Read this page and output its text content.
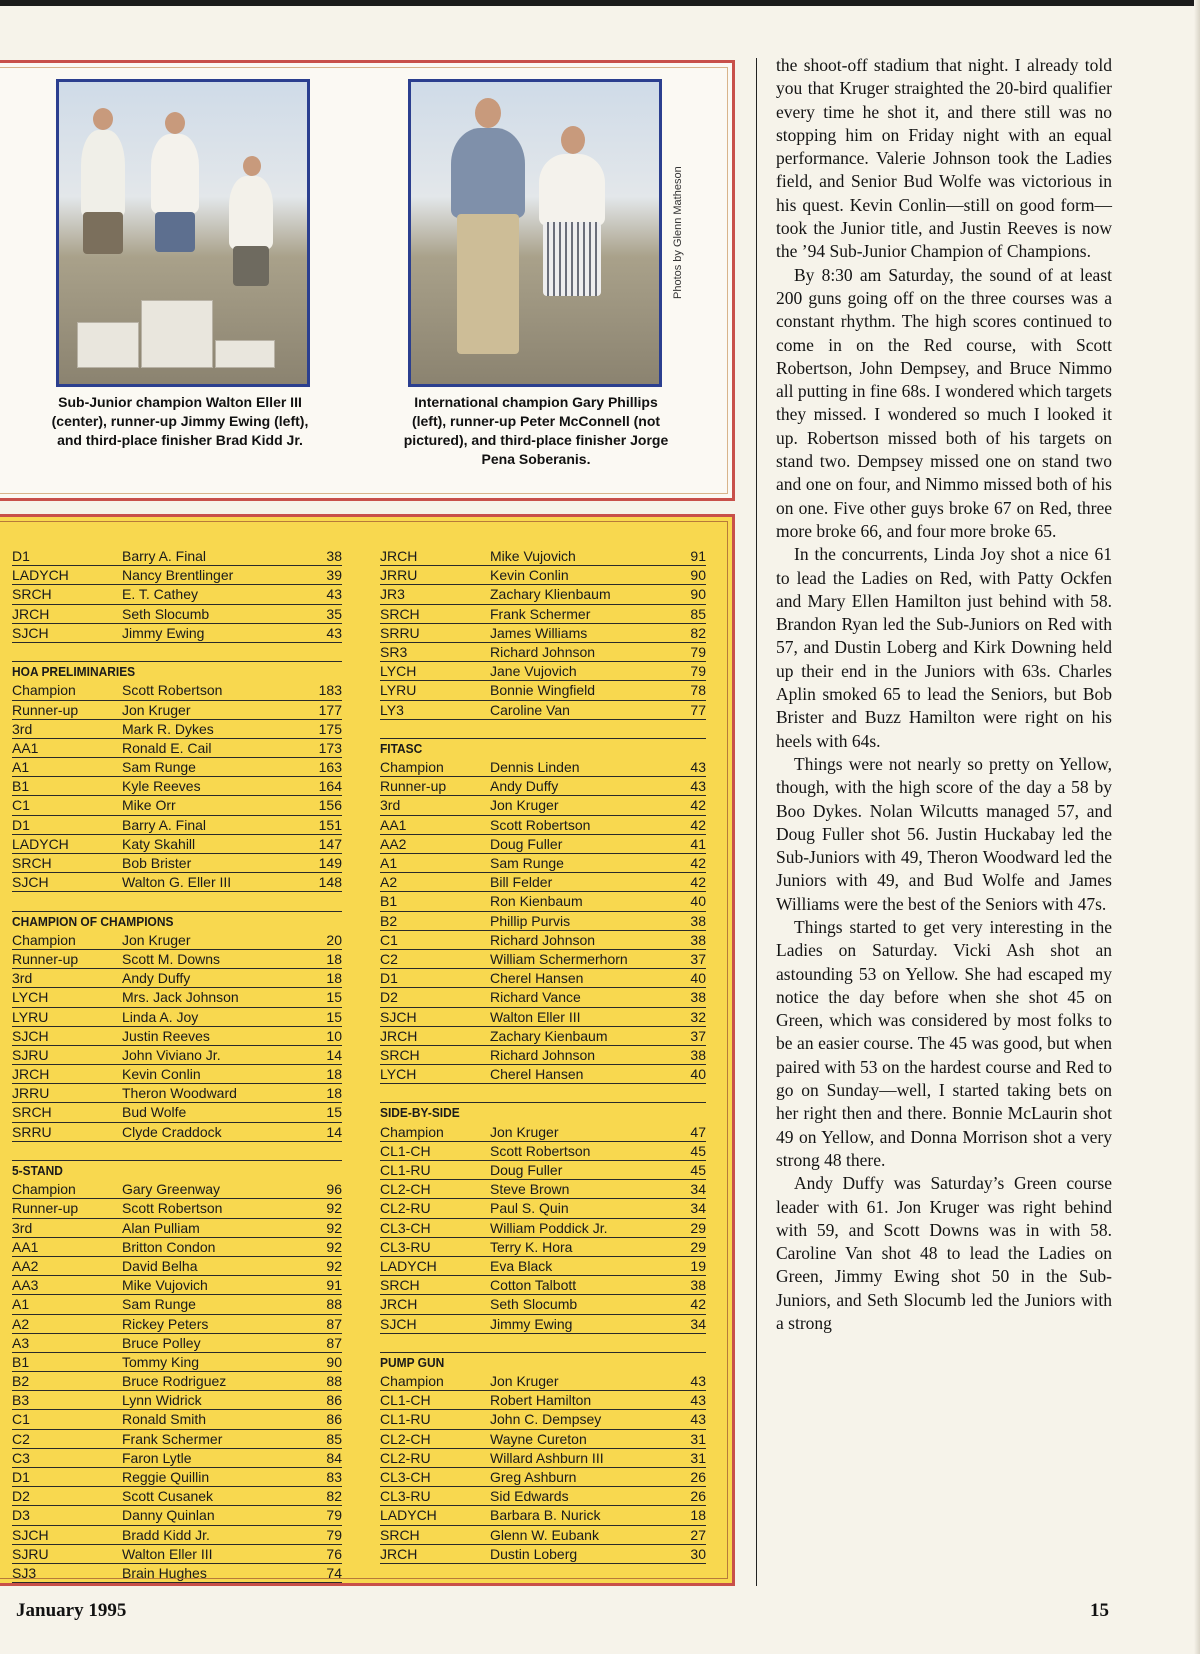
Photos by Glenn Matheson
Sub-Junior champion Walton Eller III (center), runner-up Jimmy Ewing (left), and third-place finisher Brad Kidd Jr.
International champion Gary Phillips (left), runner-up Peter McConnell (not pictured), and third-place finisher Jorge Pena Soberanis.
D1	Barry A. Final	38
LADYCH	Nancy Brentlinger	39
SRCH	E. T. Cathey	43
JRCH	Seth Slocumb	35
SJCH	Jimmy Ewing	43
HOA PRELIMINARIES
Champion	Scott Robertson	183
Runner-up	Jon Kruger	177
3rd	Mark R. Dykes	175
AA1	Ronald E. Cail	173
A1	Sam Runge	163
B1	Kyle Reeves	164
C1	Mike Orr	156
D1	Barry A. Final	151
LADYCH	Katy Skahill	147
SRCH	Bob Brister	149
SJCH	Walton G. Eller III	148
CHAMPION OF CHAMPIONS
Champion	Jon Kruger	20
Runner-up	Scott M. Downs	18
3rd	Andy Duffy	18
LYCH	Mrs. Jack Johnson	15
LYRU	Linda A. Joy	15
SJCH	Justin Reeves	10
SJRU	John Viviano Jr.	14
JRCH	Kevin Conlin	18
JRRU	Theron Woodward	18
SRCH	Bud Wolfe	15
SRRU	Clyde Craddock	14
5-STAND
Champion	Gary Greenway	96
Runner-up	Scott Robertson	92
3rd	Alan Pulliam	92
AA1	Britton Condon	92
AA2	David Belha	92
AA3	Mike Vujovich	91
A1	Sam Runge	88
A2	Rickey Peters	87
A3	Bruce Polley	87
B1	Tommy King	90
B2	Bruce Rodriguez	88
B3	Lynn Widrick	86
C1	Ronald Smith	86
C2	Frank Schermer	85
C3	Faron Lytle	84
D1	Reggie Quillin	83
D2	Scott Cusanek	82
D3	Danny Quinlan	79
SJCH	Bradd Kidd Jr.	79
SJRU	Walton Eller III	76
SJ3	Brain Hughes	74
JRCH	Mike Vujovich	91
JRRU	Kevin Conlin	90
JR3	Zachary Klienbaum	90
SRCH	Frank Schermer	85
SRRU	James Williams	82
SR3	Richard Johnson	79
LYCH	Jane Vujovich	79
LYRU	Bonnie Wingfield	78
LY3	Caroline Van	77
FITASC
Champion	Dennis Linden	43
Runner-up	Andy Duffy	43
3rd	Jon Kruger	42
AA1	Scott Robertson	42
AA2	Doug Fuller	41
A1	Sam Runge	42
A2	Bill Felder	42
B1	Ron Kienbaum	40
B2	Phillip Purvis	38
C1	Richard Johnson	38
C2	William Schermerhorn	37
D1	Cherel Hansen	40
D2	Richard Vance	38
SJCH	Walton Eller III	32
JRCH	Zachary Kienbaum	37
SRCH	Richard Johnson	38
LYCH	Cherel Hansen	40
SIDE-BY-SIDE
Champion	Jon Kruger	47
CL1-CH	Scott Robertson	45
CL1-RU	Doug Fuller	45
CL2-CH	Steve Brown	34
CL2-RU	Paul S. Quin	34
CL3-CH	William Poddick Jr.	29
CL3-RU	Terry K. Hora	29
LADYCH	Eva Black	19
SRCH	Cotton Talbott	38
JRCH	Seth Slocumb	42
SJCH	Jimmy Ewing	34
PUMP GUN
Champion	Jon Kruger	43
CL1-CH	Robert Hamilton	43
CL1-RU	John C. Dempsey	43
CL2-CH	Wayne Cureton	31
CL2-RU	Willard Ashburn III	31
CL3-CH	Greg Ashburn	26
CL3-RU	Sid Edwards	26
LADYCH	Barbara B. Nurick	18
SRCH	Glenn W. Eubank	27
JRCH	Dustin Loberg	30

the shoot-off stadium that night. I already told you that Kruger straighted the 20-bird qualifier every time he shot it, and there still was no stopping him on Friday night with an equal performance. Valerie Johnson took the Ladies field, and Senior Bud Wolfe was victorious in his quest. Kevin Conlin—still on good form—took the Junior title, and Justin Reeves is now the ’94 Sub-Junior Champion of Champions.

By 8:30 am Saturday, the sound of at least 200 guns going off on the three courses was a constant rhythm. The high scores continued to come in on the Red course, with Scott Robertson, John Dempsey, and Bruce Nimmo all putting in fine 68s. I wondered which targets they missed. I wondered so much I looked it up. Robertson missed both of his targets on stand two. Dempsey missed one on stand two and one on four, and Nimmo missed both of his on one. Five other guys broke 67 on Red, three more broke 66, and four more broke 65.

In the concurrents, Linda Joy shot a nice 61 to lead the Ladies on Red, with Patty Ockfen and Mary Ellen Hamilton just behind with 58. Brandon Ryan led the Sub-Juniors on Red with 57, and Dustin Loberg and Kirk Downing held up their end in the Juniors with 63s. Charles Aplin smoked 65 to lead the Seniors, but Bob Brister and Buzz Hamilton were right on his heels with 64s.

Things were not nearly so pretty on Yellow, though, with the high score of the day a 58 by Boo Dykes. Nolan Wilcutts managed 57, and Doug Fuller shot 56. Justin Huckabay led the Sub-Juniors with 49, Theron Woodward led the Juniors with 49, and Bud Wolfe and James Williams were the best of the Seniors with 47s.

Things started to get very interesting in the Ladies on Saturday. Vicki Ash shot an astounding 53 on Yellow. She had escaped my notice the day before when she shot 45 on Green, which was considered by most folks to be an easier course. The 45 was good, but when paired with 53 on the hardest course and Red to go on Sunday—well, I started taking bets on her right then and there. Bonnie McLaurin shot 49 on Yellow, and Donna Morrison shot a very strong 48 there.

Andy Duffy was Saturday’s Green course leader with 61. Jon Kruger was right behind with 59, and Scott Downs was in with 58. Caroline Van shot 48 to lead the Ladies on Green, Jimmy Ewing shot 50 in the Sub-Juniors, and Seth Slocumb led the Juniors with a strong

January 1995	15
